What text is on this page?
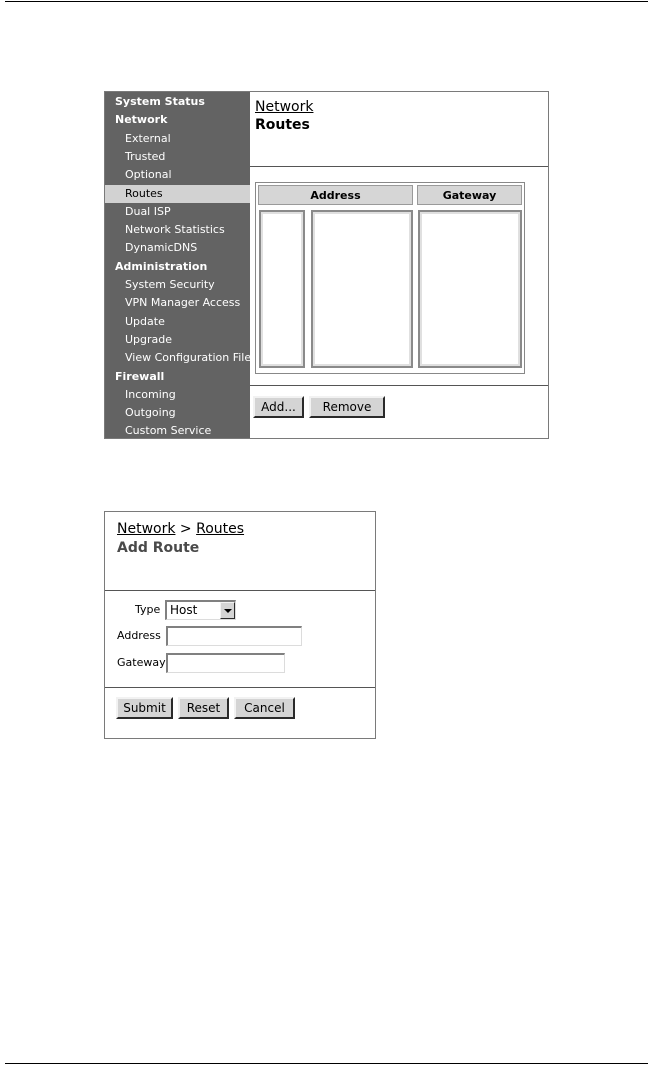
System Status
Network
External
Trusted
Optional
Routes
Dual ISP
Network Statistics
DynamicDNS
Administration
System Security
VPN Manager Access
Update
Upgrade
View Configuration File
Firewall
Incoming
Outgoing
Custom Service
Network
Routes
Address	Gateway
Add...	Remove
Network > Routes
Add Route
Type Host
Address
Gateway
Submit	Reset	Cancel
